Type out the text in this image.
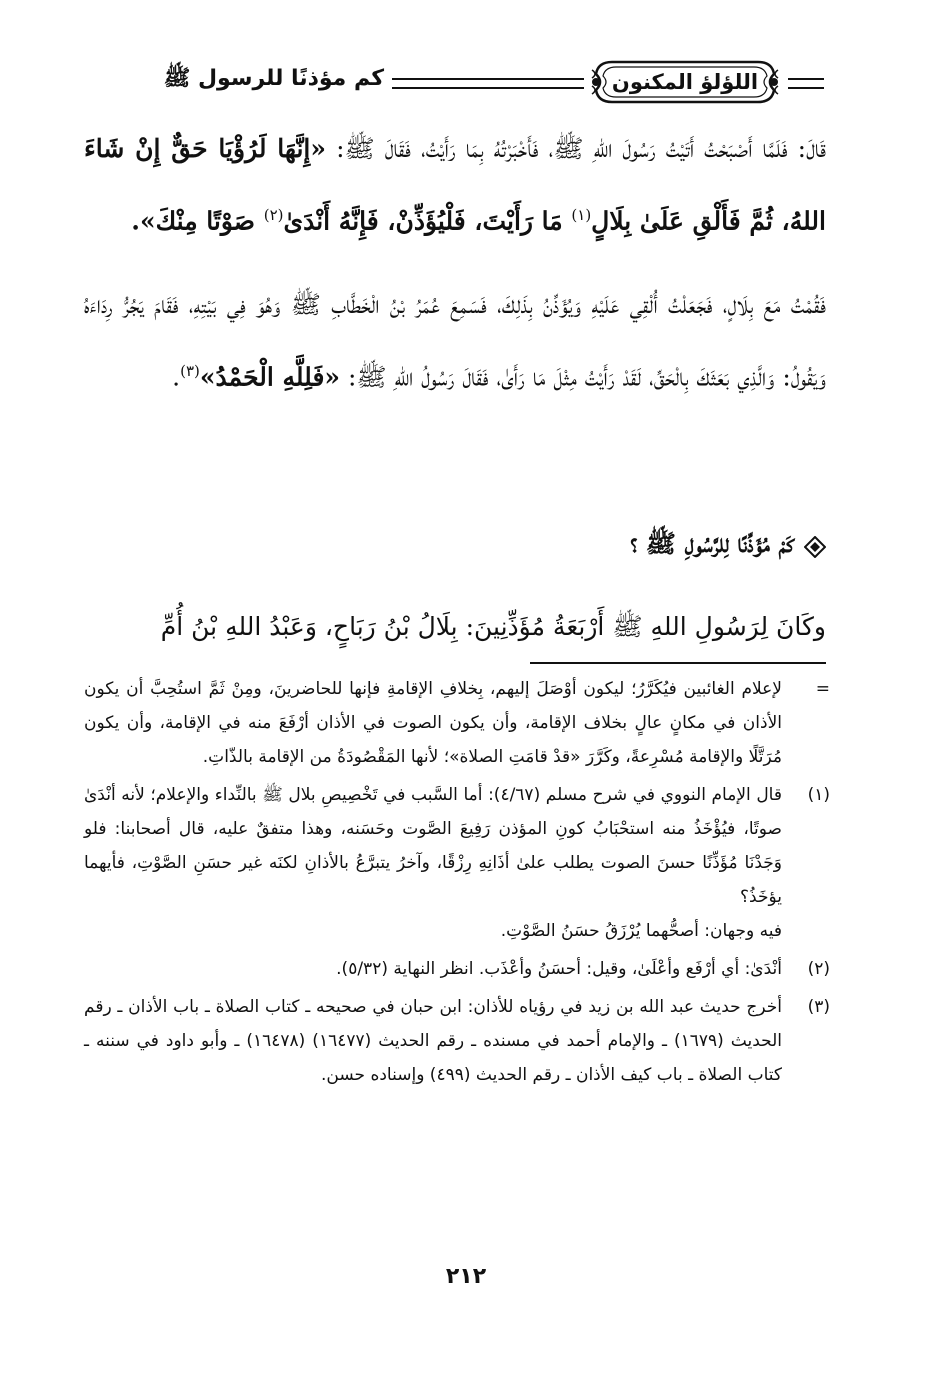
اللؤلؤ المكنون
كم مؤذنًا للرسول ﷺ

قَالَ: فَلَمَّا أَصْبَحْتُ أَتَيْتُ رَسُولَ اللهِ ﷺ، فَأَخْبَرْتُهُ بِمَا رَأَيْتُ، فَقَالَ ﷺ: «إِنَّهَا لَرُؤْيَا حَقٌّ إِنْ شَاءَ اللهُ، ثُمَّ فَأَلْقِ عَلَىٰ بِلَالٍ$^{(١)}$ مَا رَأَيْتَ، فَلْيُؤَذِّنْ، فَإِنَّهُ أَنْدَىٰ$^{(٢)}$ صَوْتًا مِنْكَ».

فَقُمْتُ مَعَ بِلَالٍ، فَجَعَلْتُ أُلْقِي عَلَيْهِ وَيُؤَذِّنُ بِذَلِكَ، فَسَمِعَ عُمَرُ بْنُ الْخَطَّابِ ﷺ وَهُوَ فِي بَيْتِهِ، فَقَامَ يَجُرُّ رِدَاءَهُ وَيَقُولُ: وَالَّذِي بَعَثَكَ بِالْحَقِّ، لَقَدْ رَأَيْتُ مِثْلَ مَا رَأَىٰ، فَقَالَ رَسُولُ اللهِ ﷺ: «فَلِلَّهِ الْحَمْدُ»$^{(٣)}$.

كَمْ مُؤَذِّنًا لِلرَّسُولِ ﷺ ؟
وكَانَ لِرَسُولِ اللهِ ﷺ أَرْبَعَةُ مُؤَذِّنِينَ: بِلَالُ بْنُ رَبَاحٍ، وَعَبْدُ اللهِ بْنُ أُمِّ
=

لإعلام الغائبين فيُكَرَّرُ؛ ليكون أوْصَلَ إليهم، بِخلافِ الإقامةِ فإنها للحاضرينَ، ومِنْ ثَمَّ استُحِبَّ أن يكون الأذان في مكانٍ عالٍ بخلاف الإقامة، وأن يكون الصوت في الأذان أرْفَعَ منه في الإقامة، وأن يكون مُرَتَّلًا والإقامة مُسْرِعةً، وكَرَّرَ «قدْ قامَتِ الصلاة»؛ لأنها المَقْصُودَةُ من الإقامة بالذّاتِ.

(١)

قال الإمام النووي في شرح مسلم (٤/٦٧): أما السَّبب في تَخْصِيصِ بلال ﷺ بالنِّداء والإعلام؛ لأنه أنْدَىٰ صوتًا، فيُؤْخَذُ منه استحْبَابُ كونِ المؤذن رَفِيعَ الصَّوت وحَسَنه، وهذا متفقٌ عليه، قال أصحابنا: فلو وَجَدْنَا مُؤَذِّنًا حسنَ الصوت يطلب علىٰ أذَانِهِ رِزْقًا، وآخرُ يتبرَّعُ بالأذانِ لكنَه غير حسَنِ الصَّوْتِ، فأيهما يؤخَذُ؟

فيه وجهان: أصحُّهما يُرْزَقُ حسَنُ الصَّوْتِ.

(٢)

أنْدَىٰ: أي أرْفَع وأعْلَىٰ، وقيل: أحسَنُ وأعْذَب. انظر النهاية (٥/٣٢).

(٣)

أخرج حديث عبد الله بن زيد في رؤياه للأذان: ابن حبان في صحيحه ـ كتاب الصلاة ـ باب الأذان ـ رقم الحديث (١٦٧٩) ـ والإمام أحمد في مسنده ـ رقم الحديث (١٦٤٧٧) (١٦٤٧٨) ـ وأبو داود في سننه ـ كتاب الصلاة ـ باب كيف الأذان ـ رقم الحديث (٤٩٩) وإسناده حسن.

٢١٢
